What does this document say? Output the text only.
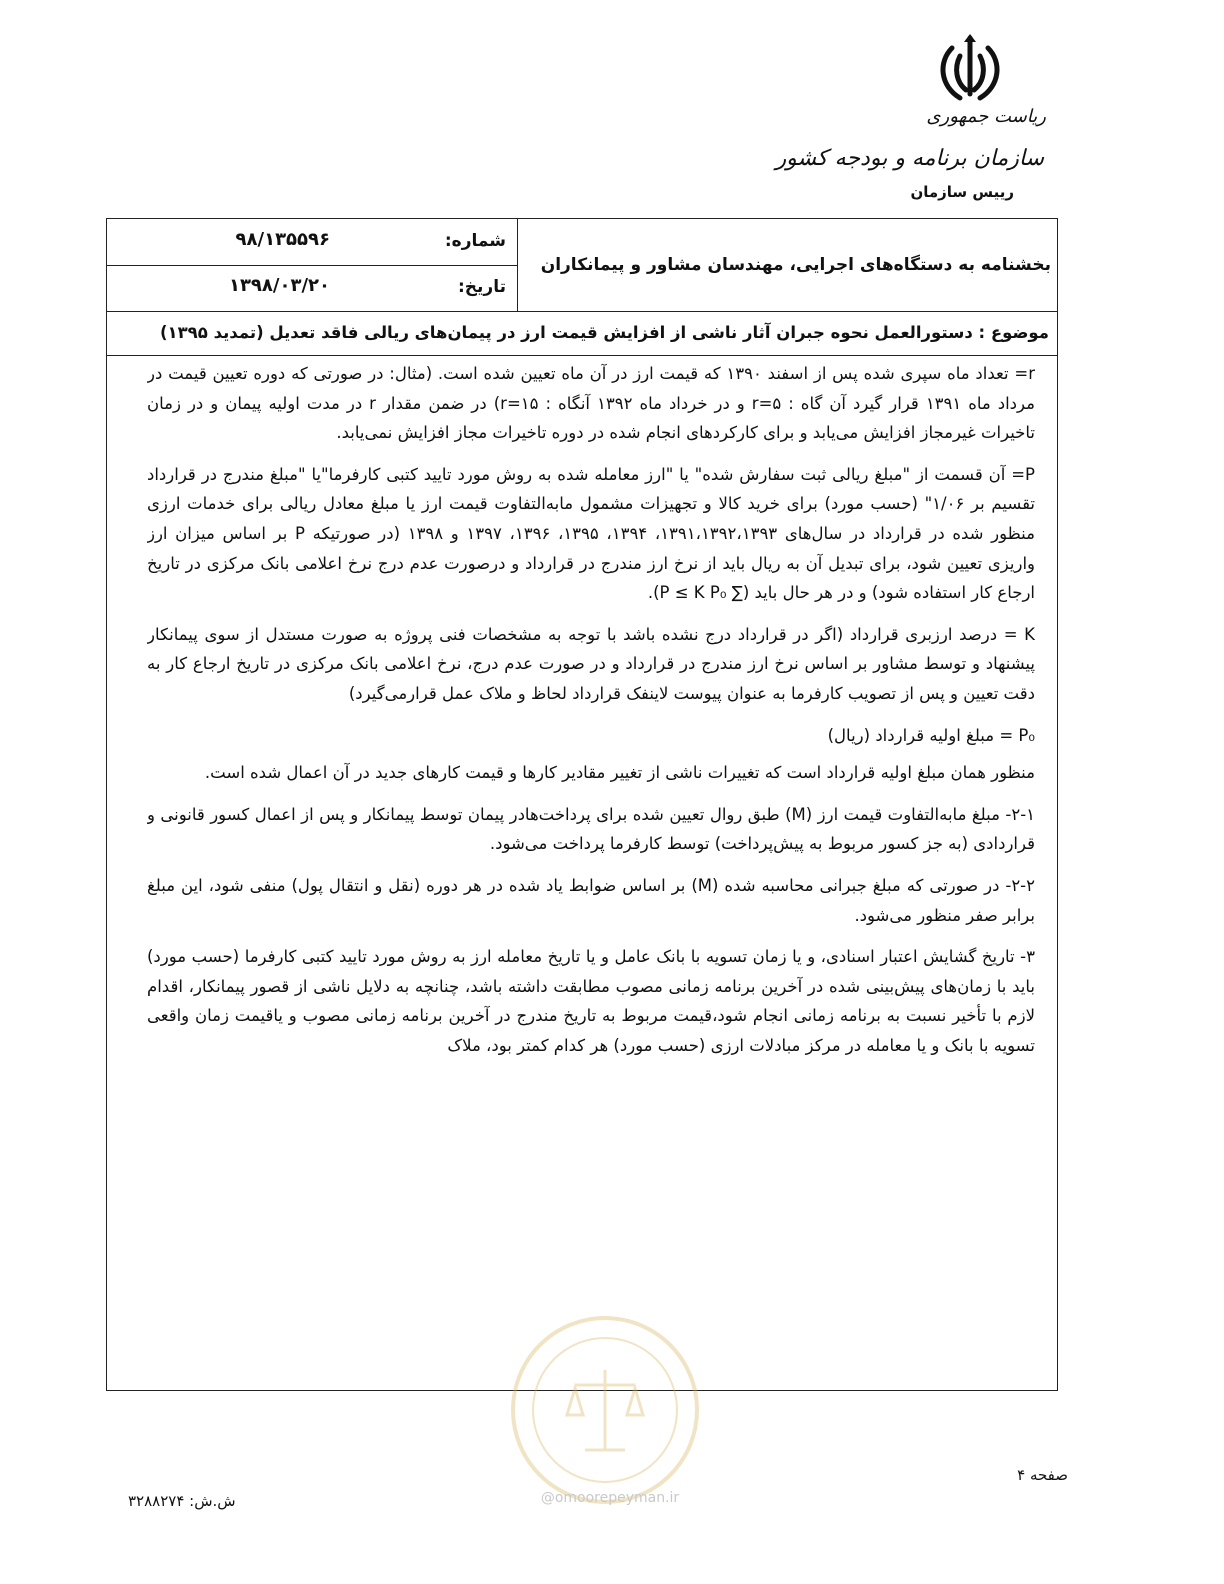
ریاست جمهوری
سازمان برنامه و بودجه کشور
رییس سازمان
بخشنامه به دستگاه‌های اجرایی، مهندسان مشاور و پیمانکاران
شماره:
۹۸/۱۳۵۵۹۶
تاریخ:
۱۳۹۸/۰۳/۲۰
موضوع : دستورالعمل نحوه جبران آثار ناشی از افزایش قیمت ارز در پیمان‌های ریالی فاقد تعدیل (تمدید ۱۳۹۵)

r= تعداد ماه سپری شده پس از اسفند ۱۳۹۰ که قیمت ارز در آن ماه تعیین شده است. (مثال: در صورتی که دوره تعیین قیمت در مرداد ماه ۱۳۹۱ قرار گیرد آن گاه : r=۵ و در خرداد ماه ۱۳۹۲ آنگاه : r=۱۵) در ضمن مقدار r در مدت اولیه پیمان و در زمان تاخیرات غیرمجاز افزایش می‌یابد و برای کارکردهای انجام شده در دوره تاخیرات مجاز افزایش نمی‌یابد.

P= آن قسمت از "مبلغ ریالی ثبت سفارش شده" یا "ارز معامله شده به روش مورد تایید کتبی کارفرما"یا "مبلغ مندرج در قرارداد تقسیم بر ۱/۰۶" (حسب مورد) برای خرید کالا و تجهیزات مشمول مابه‌التفاوت قیمت ارز یا مبلغ معادل ریالی برای خدمات ارزی منظور شده در قرارداد در سال‌های ۱۳۹۱،۱۳۹۲،۱۳۹۳، ۱۳۹۴، ۱۳۹۵، ۱۳۹۶، ۱۳۹۷ و ۱۳۹۸ (در صورتیکه P بر اساس میزان ارز واریزی تعیین شود، برای تبدیل آن به ریال باید از نرخ ارز مندرج در قرارداد و درصورت عدم درج نرخ اعلامی بانک مرکزی در تاریخ ارجاع کار استفاده شود) و در هر حال باید (∑ P ≤ K P₀).

K = درصد ارزبری قرارداد (اگر در قرارداد درج نشده باشد با توجه به مشخصات فنی پروژه به صورت مستدل از سوی پیمانکار پیشنهاد و توسط مشاور بر اساس نرخ ارز مندرج در قرارداد و در صورت عدم درج، نرخ اعلامی بانک مرکزی در تاریخ ارجاع کار به دقت تعیین و پس از تصویب کارفرما به عنوان پیوست لاینفک قرارداد لحاظ و ملاک عمل قرارمی‌گیرد)

P₀ = مبلغ اولیه قرارداد (ریال)

منظور همان مبلغ اولیه قرارداد است که تغییرات ناشی از تغییر مقادیر کارها و قیمت کارهای جدید در آن اعمال شده است.

۲-۱- مبلغ مابه‌التفاوت قیمت ارز (M) طبق روال تعیین شده برای پرداخت‌هادر پیمان توسط پیمانکار و پس از اعمال کسور قانونی و قراردادی (به جز کسور مربوط به پیش‌پرداخت) توسط کارفرما پرداخت می‌شود.

۲-۲- در صورتی که مبلغ جبرانی محاسبه شده (M) بر اساس ضوابط یاد شده در هر دوره (نقل و انتقال پول) منفی شود، این مبلغ برابر صفر منظور می‌شود.

۳- تاریخ گشایش اعتبار اسنادی، و یا زمان تسویه با بانک عامل و یا تاریخ معامله ارز به روش مورد تایید کتبی کارفرما (حسب مورد) باید با زمان‌های پیش‌بینی شده در آخرین برنامه زمانی مصوب مطابقت داشته باشد، چنانچه به دلایل ناشی از قصور پیمانکار، اقدام لازم با تأخیر نسبت به برنامه زمانی انجام شود،قیمت مربوط به تاریخ مندرج در آخرین برنامه زمانی مصوب و یاقیمت زمان واقعی تسویه با بانک و یا معامله در مرکز مبادلات ارزی (حسب مورد) هر کدام کمتر بود، ملاک

@omoorepeyman.ir
صفحه ۴
ش.ش: ۳۲۸۸۲۷۴
